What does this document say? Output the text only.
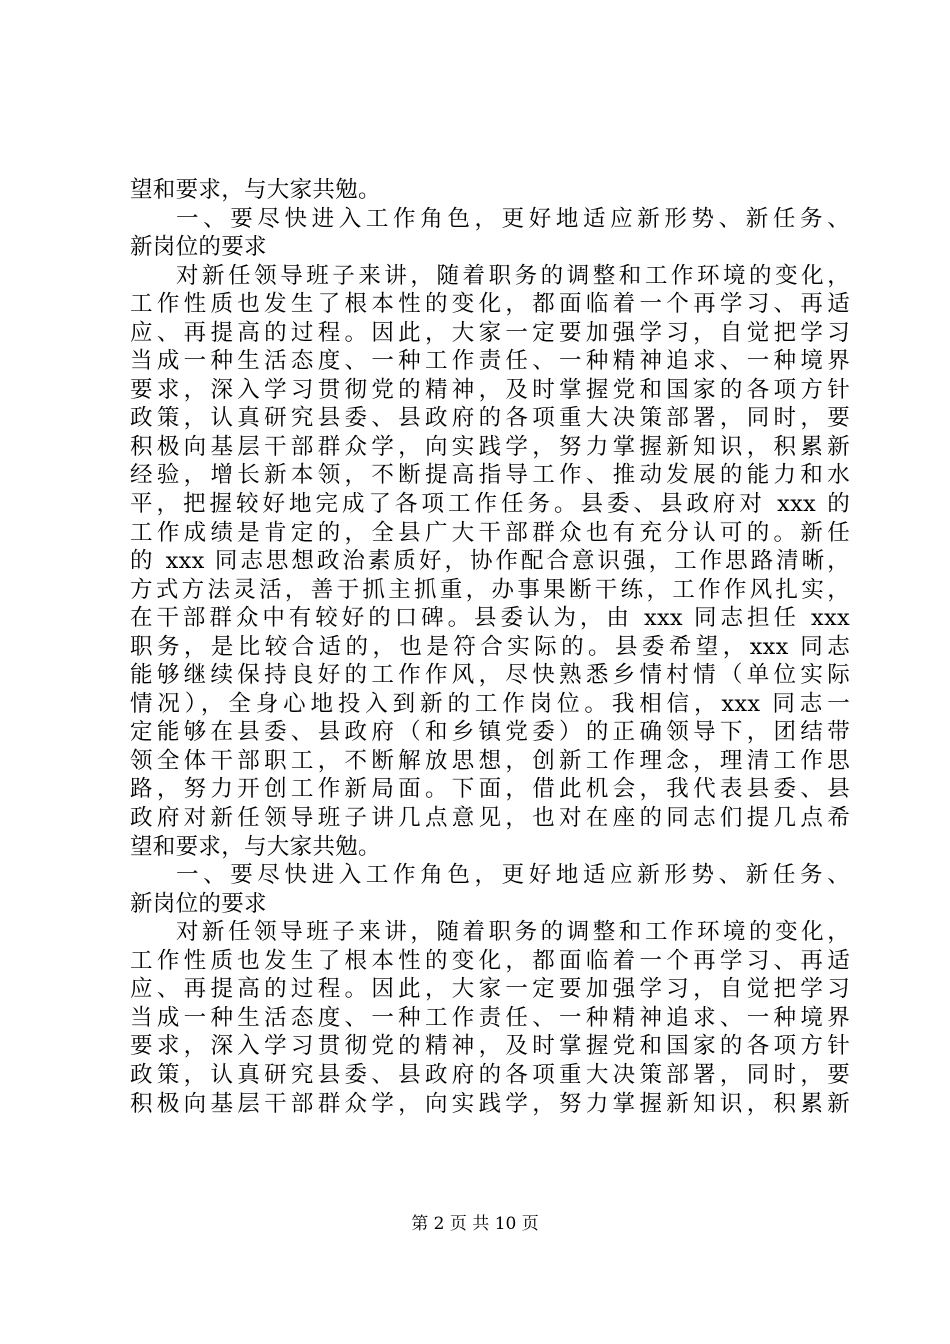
望和要求，与大家共勉。
一、要尽快进入工作角色，更好地适应新形势、新任务、
新岗位的要求
对新任领导班子来讲，随着职务的调整和工作环境的变化，
工作性质也发生了根本性的变化，都面临着一个再学习、再适
应、再提高的过程。因此，大家一定要加强学习，自觉把学习
当成一种生活态度、一种工作责任、一种精神追求、一种境界
要求，深入学习贯彻党的精神，及时掌握党和国家的各项方针
政策，认真研究县委、县政府的各项重大决策部署，同时，要
积极向基层干部群众学，向实践学，努力掌握新知识，积累新
经验，增长新本领，不断提高指导工作、推动发展的能力和水
平，把握较好地完成了各项工作任务。县委、县政府对 xxx 的
工作成绩是肯定的，全县广大干部群众也有充分认可的。新任
的 xxx 同志思想政治素质好，协作配合意识强，工作思路清晰，
方式方法灵活，善于抓主抓重，办事果断干练，工作作风扎实，
在干部群众中有较好的口碑。县委认为，由 xxx 同志担任 xxx
职务，是比较合适的，也是符合实际的。县委希望，xxx 同志
能够继续保持良好的工作作风，尽快熟悉乡情村情（单位实际
情况），全身心地投入到新的工作岗位。我相信，xxx 同志一
定能够在县委、县政府（和乡镇党委）的正确领导下，团结带
领全体干部职工，不断解放思想，创新工作理念，理清工作思
路，努力开创工作新局面。下面，借此机会，我代表县委、县
政府对新任领导班子讲几点意见，也对在座的同志们提几点希
望和要求，与大家共勉。
一、要尽快进入工作角色，更好地适应新形势、新任务、
新岗位的要求
对新任领导班子来讲，随着职务的调整和工作环境的变化，
工作性质也发生了根本性的变化，都面临着一个再学习、再适
应、再提高的过程。因此，大家一定要加强学习，自觉把学习
当成一种生活态度、一种工作责任、一种精神追求、一种境界
要求，深入学习贯彻党的精神，及时掌握党和国家的各项方针
政策，认真研究县委、县政府的各项重大决策部署，同时，要
积极向基层干部群众学，向实践学，努力掌握新知识，积累新
第 2 页 共 10 页
